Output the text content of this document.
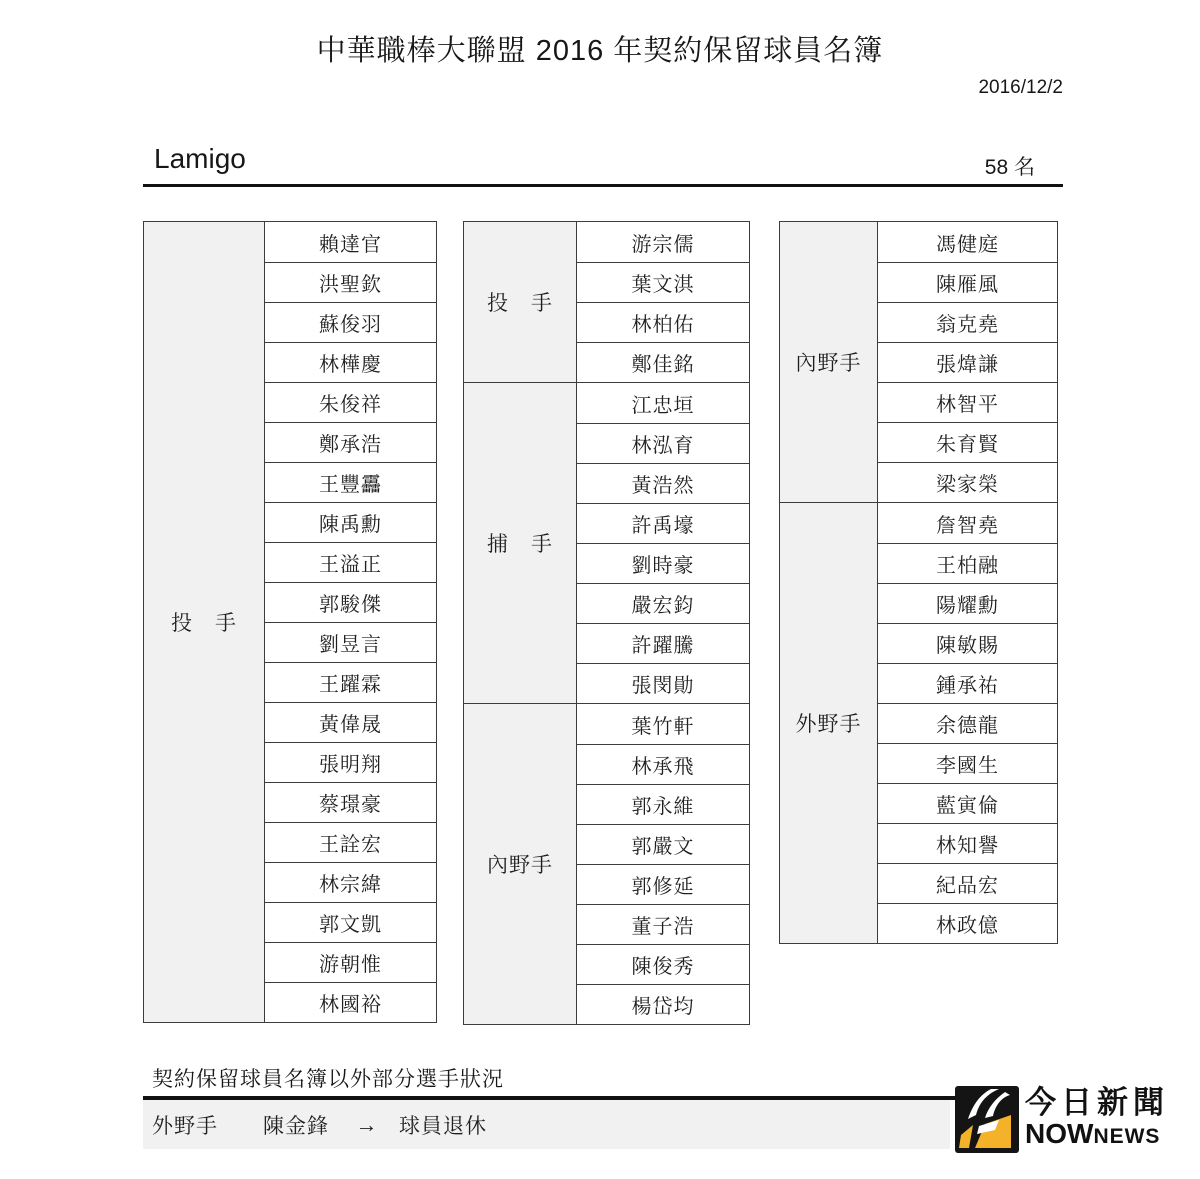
中華職棒大聯盟 2016 年契約保留球員名簿
2016/12/2
Lamigo	58 名
投　手
賴達官
洪聖欽
蘇俊羽
林樺慶
朱俊祥
鄭承浩
王豐靐
陳禹勳
王溢正
郭駿傑
劉昱言
王躍霖
黃偉晟
張明翔
蔡璟豪
王詮宏
林宗緯
郭文凱
游朝惟
林國裕
投　手
游宗儒
葉文淇
林柏佑
鄭佳銘
捕　手
江忠垣
林泓育
黃浩然
許禹壕
劉時豪
嚴宏鈞
許躍騰
張閔勛
內野手
葉竹軒
林承飛
郭永維
郭嚴文
郭修延
董子浩
陳俊秀
楊岱均
內野手
馮健庭
陳雁風
翁克堯
張煒謙
林智平
朱育賢
梁家榮
外野手
詹智堯
王柏融
陽耀勳
陳敏賜
鍾承祐
余德龍
李國生
藍寅倫
林知譽
紀品宏
林政億
契約保留球員名簿以外部分選手狀況
外野手	陳金鋒	→ 球員退休
今日新聞
NOW NEWS
